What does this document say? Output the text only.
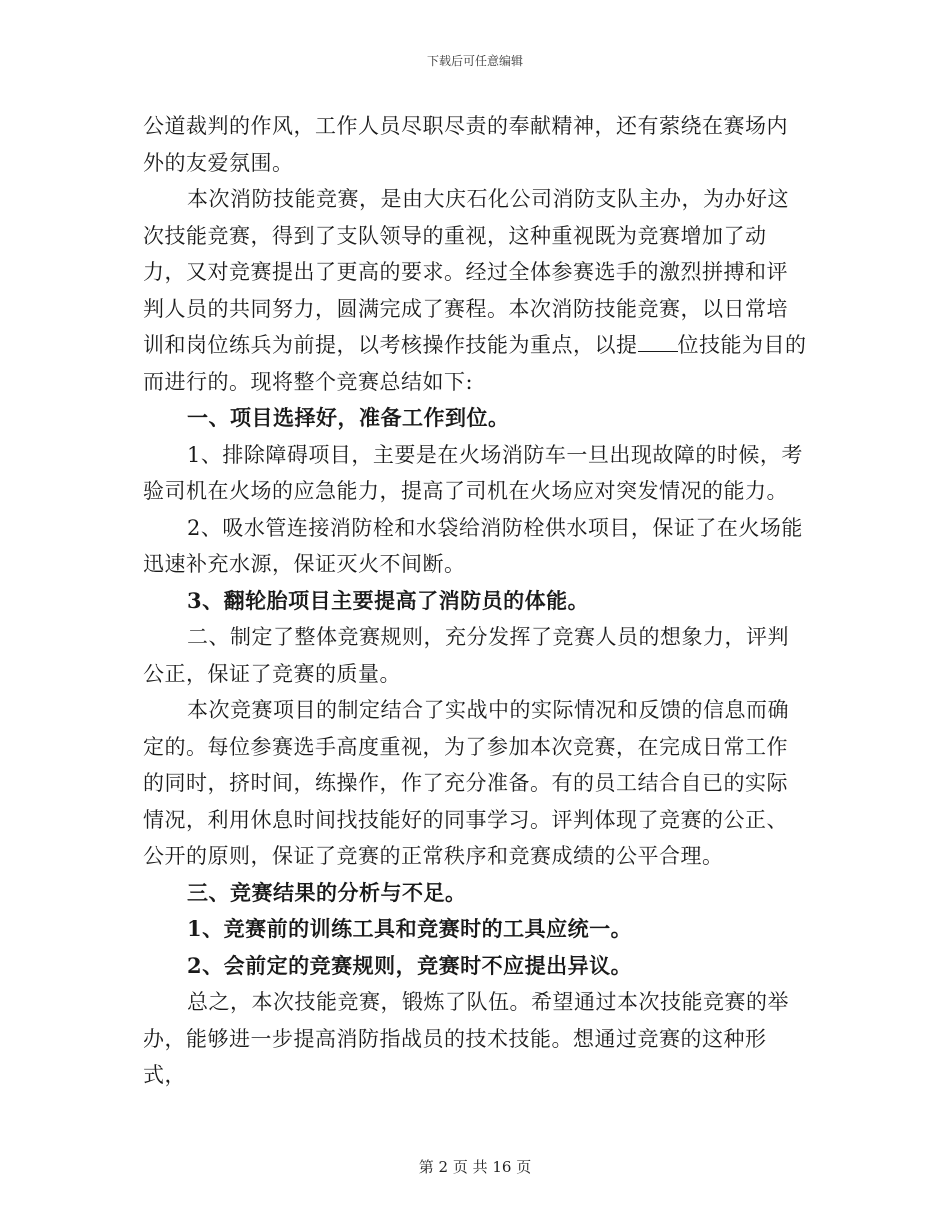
下载后可任意编辑

公道裁判的作风，工作人员尽职尽责的奉献精神，还有萦绕在赛场内外的友爱氛围。

本次消防技能竞赛，是由大庆石化公司消防支队主办，为办好这次技能竞赛，得到了支队领导的重视，这种重视既为竞赛增加了动力，又对竞赛提出了更高的要求。经过全体参赛选手的激烈拼搏和评判人员的共同努力，圆满完成了赛程。本次消防技能竞赛，以日常培训和岗位练兵为前提，以考核操作技能为重点，以提 位技能为目的而进行的。现将整个竞赛总结如下:

一、项目选择好，准备工作到位。

1、排除障碍项目，主要是在火场消防车一旦出现故障的时候，考验司机在火场的应急能力，提高了司机在火场应对突发情况的能力。

2、吸水管连接消防栓和水袋给消防栓供水项目，保证了在火场能迅速补充水源，保证灭火不间断。

3、翻轮胎项目主要提高了消防员的体能。

二、制定了整体竞赛规则，充分发挥了竞赛人员的想象力，评判公正，保证了竞赛的质量。

本次竞赛项目的制定结合了实战中的实际情况和反馈的信息而确定的。每位参赛选手高度重视，为了参加本次竞赛，在完成日常工作的同时，挤时间，练操作，作了充分准备。有的员工结合自已的实际情况，利用休息时间找技能好的同事学习。评判体现了竞赛的公正、公开的原则，保证了竞赛的正常秩序和竞赛成绩的公平合理。

三、竞赛结果的分析与不足。

1、竞赛前的训练工具和竞赛时的工具应统一。

2、会前定的竞赛规则，竞赛时不应提出异议。

总之，本次技能竞赛，锻炼了队伍。希望通过本次技能竞赛的举办，能够进一步提高消防指战员的技术技能。想通过竞赛的这种形式，

第 2 页 共 16 页
